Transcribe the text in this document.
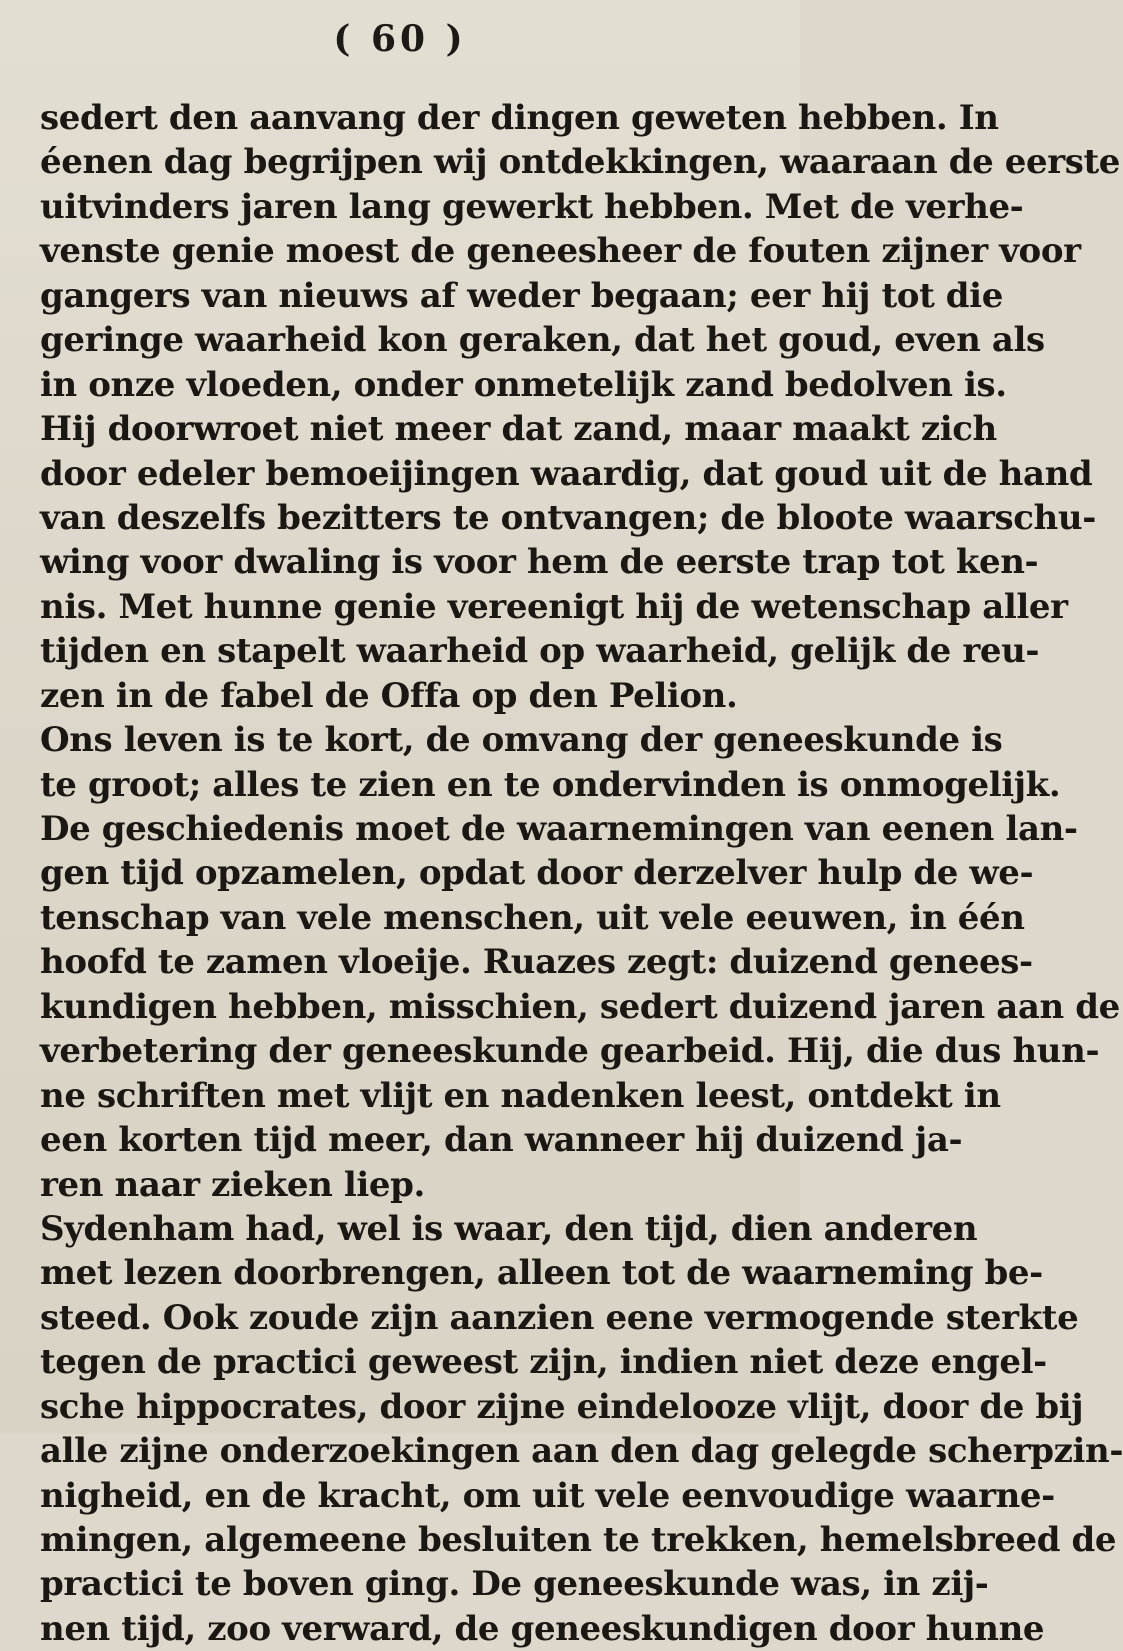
( 60 )
sedert den aanvang der dingen geweten hebben. In
éenen dag begrijpen wij ontdekkingen, waaraan de eerste
uitvinders jaren lang gewerkt hebben. Met de verhe-
venste genie moest de geneesheer de fouten zijner voor
gangers van nieuws af weder begaan; eer hij tot die
geringe waarheid kon geraken, dat het goud, even als
in onze vloeden, onder onmetelijk zand bedolven is.
Hij doorwroet niet meer dat zand, maar maakt zich
door edeler bemoeijingen waardig, dat goud uit de hand
van deszelfs bezitters te ontvangen; de bloote waarschu-
wing voor dwaling is voor hem de eerste trap tot ken-
nis. Met hunne genie vereenigt hij de wetenschap aller
tijden en stapelt waarheid op waarheid, gelijk de reu-
zen in de fabel de Offa op den Pelion.
Ons leven is te kort, de omvang der geneeskunde is
te groot; alles te zien en te ondervinden is onmogelijk.
De geschiedenis moet de waarnemingen van eenen lan-
gen tijd opzamelen, opdat door derzelver hulp de we-
tenschap van vele menschen, uit vele eeuwen, in één
hoofd te zamen vloeije. Ruazes zegt: duizend genees-
kundigen hebben, misschien, sedert duizend jaren aan de
verbetering der geneeskunde gearbeid. Hij, die dus hun-
ne schriften met vlijt en nadenken leest, ontdekt in
een korten tijd meer, dan wanneer hij duizend ja-
ren naar zieken liep.
Sydenham had, wel is waar, den tijd, dien anderen
met lezen doorbrengen, alleen tot de waarneming be-
steed. Ook zoude zijn aanzien eene vermogende sterkte
tegen de practici geweest zijn, indien niet deze engel-
sche hippocrates, door zijne eindelooze vlijt, door de bij
alle zijne onderzoekingen aan den dag gelegde scherpzin-
nigheid, en de kracht, om uit vele eenvoudige waarne-
mingen, algemeene besluiten te trekken, hemelsbreed de
practici te boven ging. De geneeskunde was, in zij-
nen tijd, zoo verward, de geneeskundigen door hunne
